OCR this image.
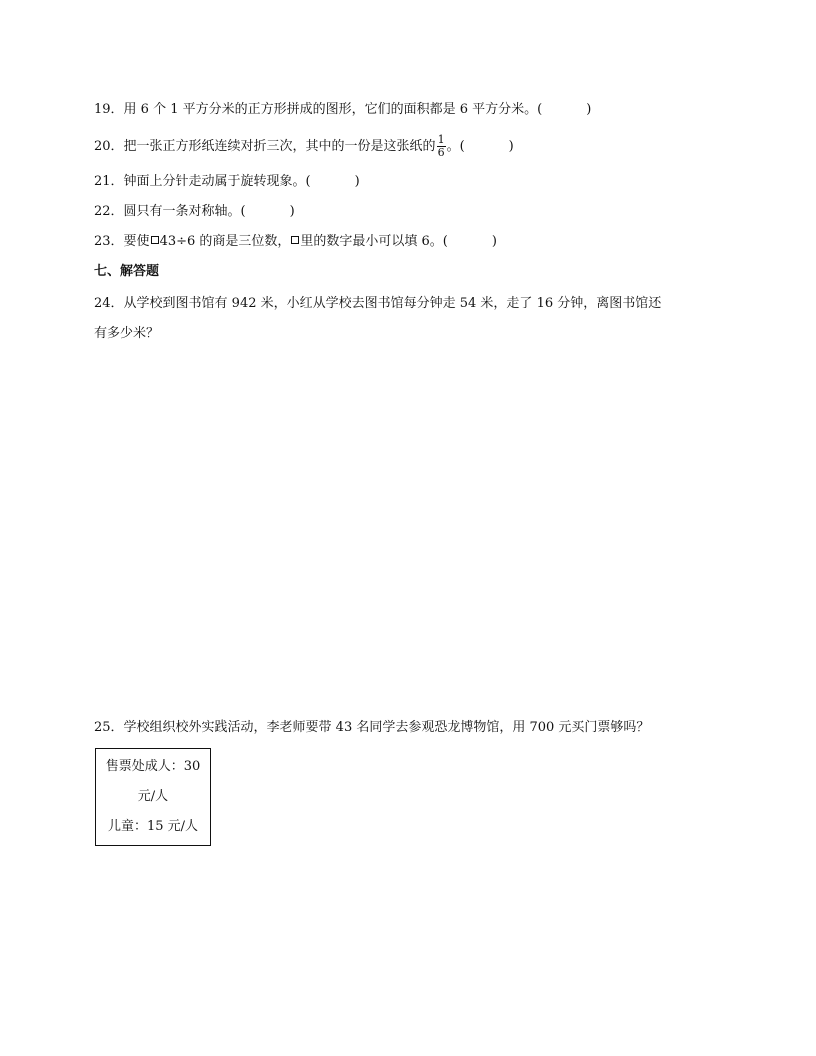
19．用 6 个 1 平方分米的正方形拼成的图形，它们的面积都是 6 平方分米。(	)
20．把一张正方形纸连续对折三次，其中的一份是这张纸的 $\frac{1}{6}$ 。(	)
21．钟面上分针走动属于旋转现象。(	)
22．圆只有一条对称轴。(	)
23．要使 43÷6 的商是三位数， 里的数字最小可以填 6。(	)
七、解答题
24．从学校到图书馆有 942 米，小红从学校去图书馆每分钟走 54 米，走了 16 分钟，离图书馆还
有多少米？
25．学校组织校外实践活动，李老师要带 43 名同学去参观恐龙博物馆，用 700 元买门票够吗？
售票处成人：30
元/人
儿童：15 元/人
